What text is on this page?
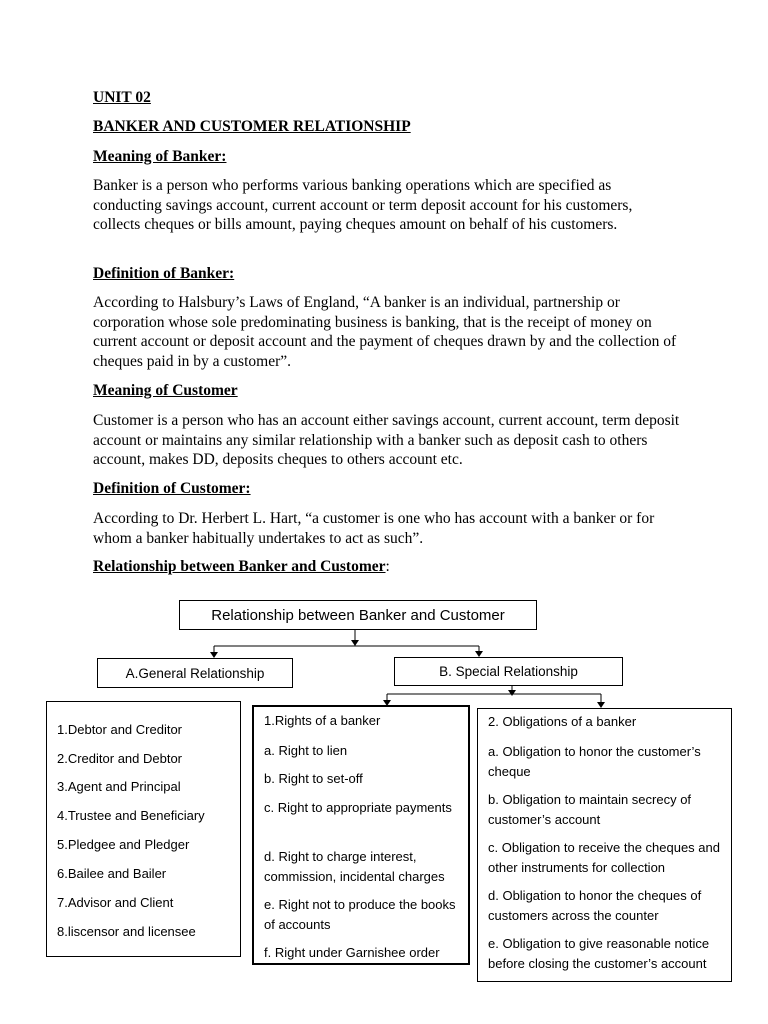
UNIT 02
BANKER AND CUSTOMER RELATIONSHIP
Meaning of Banker:
Banker is a person who performs various banking operations which are specified as conducting savings account, current account or term deposit account for his customers, collects cheques or bills amount, paying cheques amount on behalf of his customers.
Definition of Banker:
According to Halsbury’s Laws of England, “A banker is an individual, partnership or corporation whose sole predominating business is banking, that is the receipt of money on current account or deposit account and the payment of cheques drawn by and the collection of cheques paid in by a customer”.
Meaning of Customer
Customer is a person who has an account either savings account, current account, term deposit account or maintains any similar relationship with a banker such as deposit cash to others account, makes DD, deposits cheques to others account etc.
Definition of Customer:
According to Dr. Herbert L. Hart, “a customer is one who has account with a banker or for whom a banker habitually undertakes to act as such”.
Relationship between Banker and Customer:
Relationship between Banker and Customer
A.General Relationship	B. Special Relationship
1.Debtor and Creditor
2.Creditor and Debtor
3.Agent and Principal
4.Trustee and Beneficiary
5.Pledgee and Pledger
6.Bailee and Bailer
7.Advisor and Client
8.liscensor and licensee
1.Rights of a banker
a. Right to lien
b. Right to set-off
c. Right to appropriate payments
d. Right to charge interest, commission, incidental charges
e. Right not to produce the books of accounts
f. Right under Garnishee order
2. Obligations of a banker
a. Obligation to honor the customer’s cheque
b. Obligation to maintain secrecy of customer’s account
c. Obligation to receive the cheques and other instruments for collection
d. Obligation to honor the cheques of customers across the counter
e. Obligation to give reasonable notice before closing the customer’s account
